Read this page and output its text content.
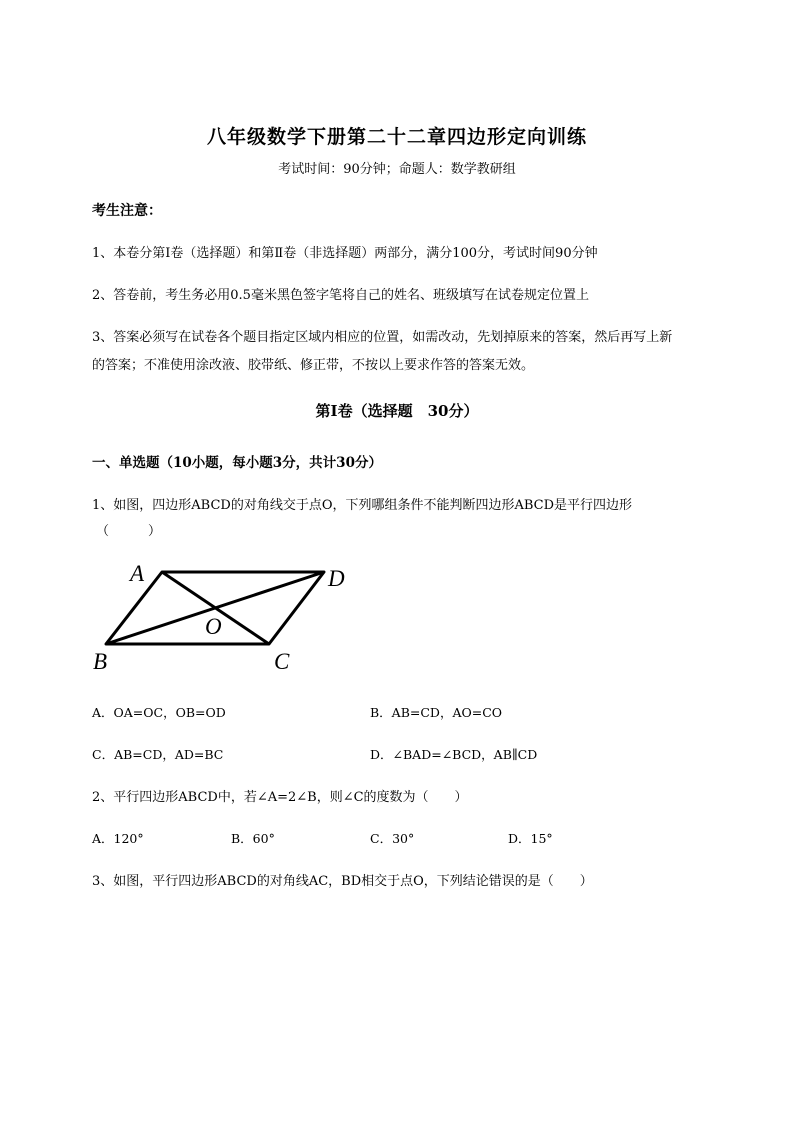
八年级数学下册第二十二章四边形定向训练
考试时间：90分钟；命题人：数学教研组
考生注意：
1、本卷分第I卷（选择题）和第Ⅱ卷（非选择题）两部分，满分100分，考试时间90分钟
2、答卷前，考生务必用0.5毫米黑色签字笔将自己的姓名、班级填写在试卷规定位置上
3、答案必须写在试卷各个题目指定区域内相应的位置，如需改动，先划掉原来的答案，然后再写上新
的答案；不准使用涂改液、胶带纸、修正带，不按以上要求作答的答案无效。
第I卷（选择题　30分）
一、单选题（10小题，每小题3分，共计30分）
1、如图，四边形ABCD的对角线交于点O，下列哪组条件不能判断四边形ABCD是平行四边形
（　　　）
A	D
O
B	C
A．OA=OC，OB=OD	B．AB=CD，AO=CO
C．AB=CD，AD=BC	D．∠BAD=∠BCD，AB∥CD
2、平行四边形ABCD中，若∠A=2∠B，则∠C的度数为（　　）
A．120°	B．60°	C．30°	D．15°
3、如图，平行四边形ABCD的对角线AC，BD相交于点O，下列结论错误的是（　　）
